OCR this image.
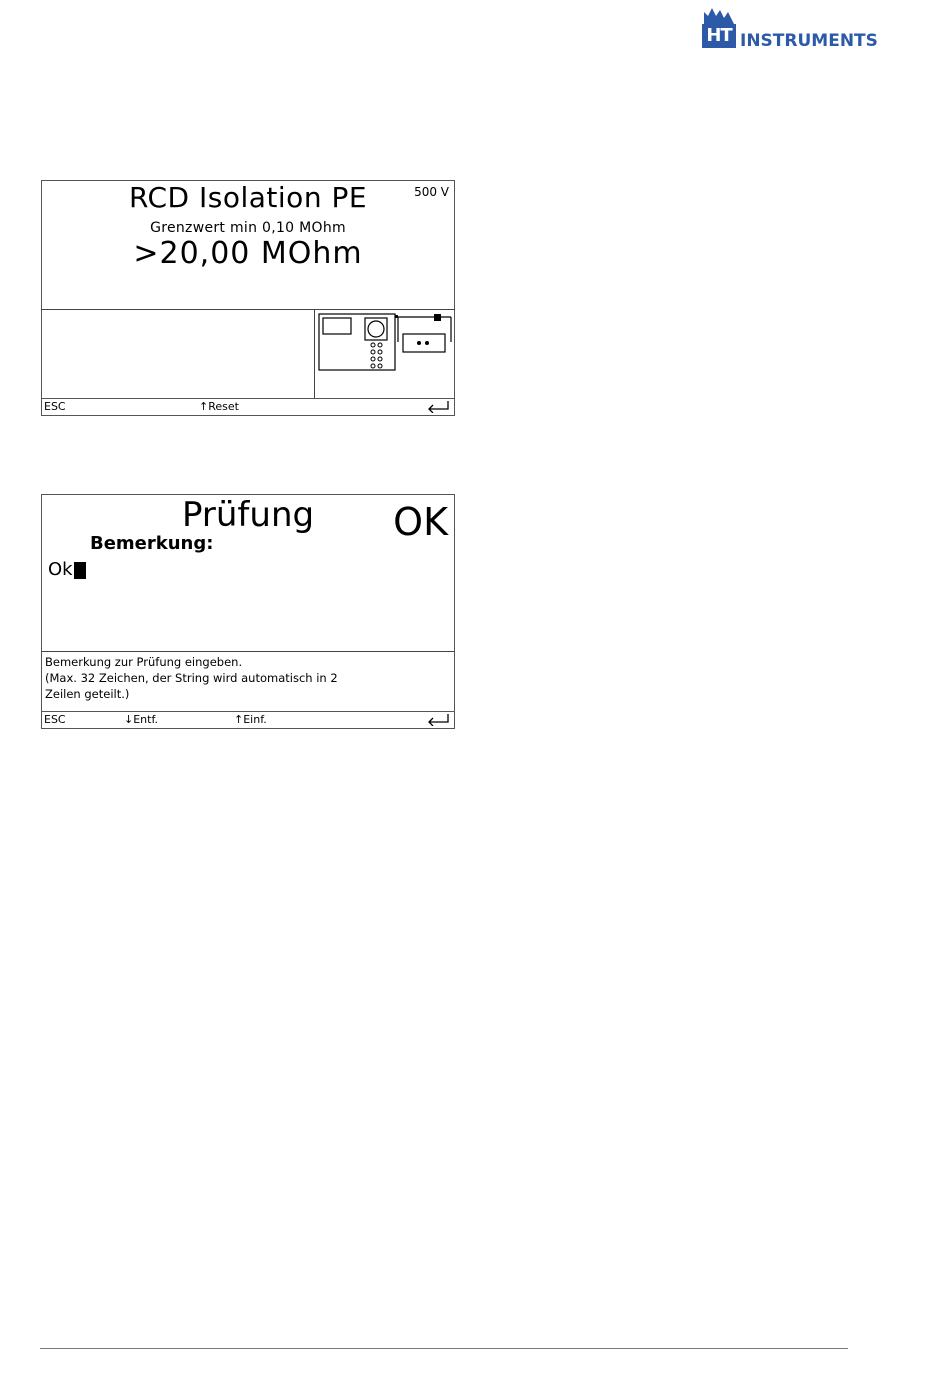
HT INSTRUMENTS
RCD Isolation PE	500 V
Grenzwert min 0,10 MOhm
>20,00 MOhm
ESC	↑Reset
Prüfung OK
Bemerkung:
Ok
Bemerkung zur Prüfung eingeben.
(Max. 32 Zeichen, der String wird automatisch in 2
Zeilen geteilt.)
ESC	↓Entf.	↑Einf.
